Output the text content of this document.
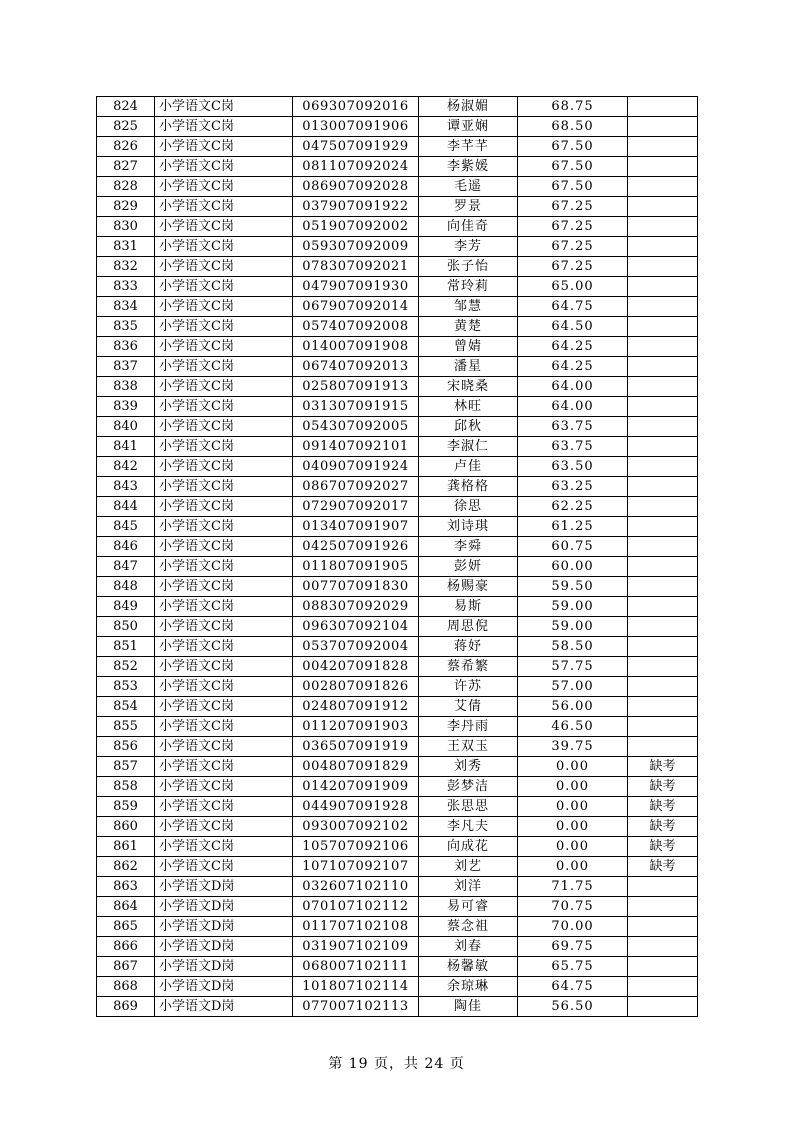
824	小学语文C岗	069307092016	杨淑媚	68.75	
825	小学语文C岗	013007091906	谭亚娴	68.50	
826	小学语文C岗	047507091929	李芊芊	67.50	
827	小学语文C岗	081107092024	李紫媛	67.50	
828	小学语文C岗	086907092028	毛遥	67.50	
829	小学语文C岗	037907091922	罗景	67.25	
830	小学语文C岗	051907092002	向佳奇	67.25	
831	小学语文C岗	059307092009	李芳	67.25	
832	小学语文C岗	078307092021	张子怡	67.25	
833	小学语文C岗	047907091930	常玲莉	65.00	
834	小学语文C岗	067907092014	邹慧	64.75	
835	小学语文C岗	057407092008	黄楚	64.50	
836	小学语文C岗	014007091908	曾婧	64.25	
837	小学语文C岗	067407092013	潘星	64.25	
838	小学语文C岗	025807091913	宋晓桑	64.00	
839	小学语文C岗	031307091915	林旺	64.00	
840	小学语文C岗	054307092005	邱秋	63.75	
841	小学语文C岗	091407092101	李淑仁	63.75	
842	小学语文C岗	040907091924	卢佳	63.50	
843	小学语文C岗	086707092027	龚格格	63.25	
844	小学语文C岗	072907092017	徐思	62.25	
845	小学语文C岗	013407091907	刘诗琪	61.25	
846	小学语文C岗	042507091926	李舜	60.75	
847	小学语文C岗	011807091905	彭妍	60.00	
848	小学语文C岗	007707091830	杨赐豪	59.50	
849	小学语文C岗	088307092029	易斯	59.00	
850	小学语文C岗	096307092104	周思倪	59.00	
851	小学语文C岗	053707092004	蒋妤	58.50	
852	小学语文C岗	004207091828	蔡希繁	57.75	
853	小学语文C岗	002807091826	许苏	57.00	
854	小学语文C岗	024807091912	艾倩	56.00	
855	小学语文C岗	011207091903	李丹雨	46.50	
856	小学语文C岗	036507091919	王双玉	39.75	
857	小学语文C岗	004807091829	刘秀	0.00	缺考
858	小学语文C岗	014207091909	彭梦洁	0.00	缺考
859	小学语文C岗	044907091928	张思思	0.00	缺考
860	小学语文C岗	093007092102	李凡夫	0.00	缺考
861	小学语文C岗	105707092106	向成花	0.00	缺考
862	小学语文C岗	107107092107	刘艺	0.00	缺考
863	小学语文D岗	032607102110	刘洋	71.75	
864	小学语文D岗	070107102112	易可睿	70.75	
865	小学语文D岗	011707102108	蔡念祖	70.00	
866	小学语文D岗	031907102109	刘春	69.75	
867	小学语文D岗	068007102111	杨馨敏	65.75	
868	小学语文D岗	101807102114	余琼琳	64.75	
869	小学语文D岗	077007102113	陶佳	56.50	
第 19 页，共 24 页
